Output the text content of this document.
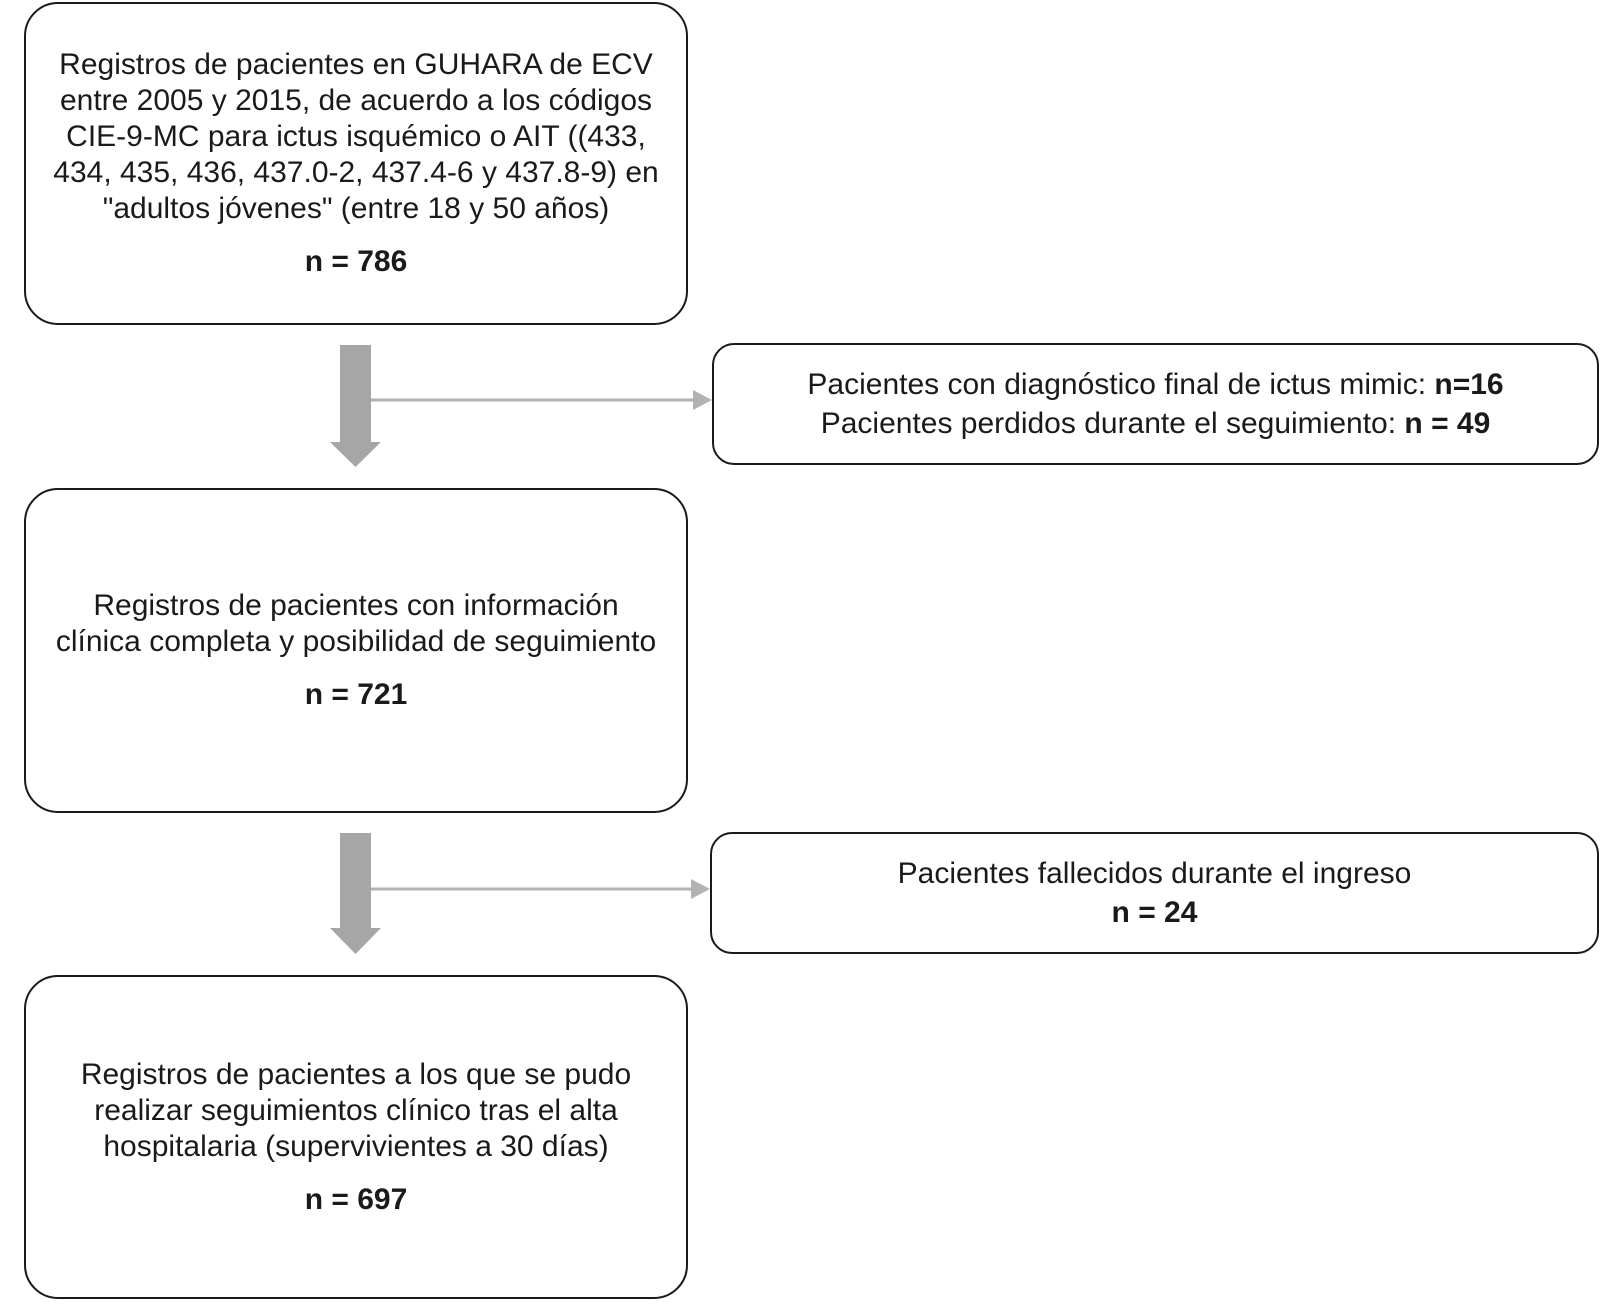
Registros de pacientes en GUHARA de ECV entre 2005 y 2015, de acuerdo a los códigos CIE-9-MC para ictus isquémico o AIT ((433, 434, 435, 436, 437.0-2, 437.4-6 y 437.8-9) en "adultos jóvenes" (entre 18 y 50 años)
n = 786
Pacientes con diagnóstico final de ictus mimic: n=16
Pacientes perdidos durante el seguimiento: n = 49
Registros de pacientes con información clínica completa y posibilidad de seguimiento
n = 721
Pacientes fallecidos durante el ingreso
n = 24
Registros de pacientes a los que se pudo realizar seguimientos clínico tras el alta hospitalaria (supervivientes a 30 días)
n = 697
